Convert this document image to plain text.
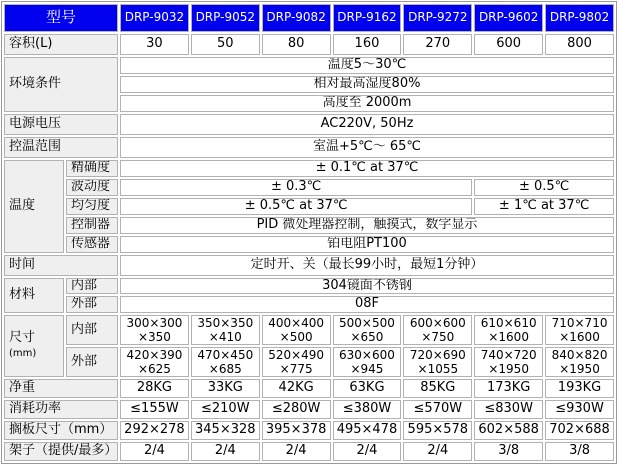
型号		DRP-9032	DRP-9052	DRP-9082	DRP-9162	DRP-9272	DRP-9602	DRP-9802
容积(L)		30	50	80	160	270	600	800
环境条件		温度5～30℃						
		相对最高湿度80%						
		高度至 2000m						
电源电压		AC220V, 50Hz						
控温范围		室温+5℃～ 65℃						
温度	精确度	± 0.1℃ at 37℃						
	波动度	± 0.3℃					± 0.5℃	
	均匀度	± 0.5℃ at 37℃					± 1℃ at 37℃	
	控制器	PID 微处理器控制，触摸式，数字显示						
	传感器	铂电阻PT100						
时间		定时开、关（最长99小时，最短1分钟）						
材料	内部	304镜面不锈钢						
	外部	08F						
尺寸
(mm)	内部	300×300×350	350×350×410	400×400×500	500×500×650	600×600×750	610×610×1600	710×710×1600
	外部	420×390×625	470×450×685	520×490×775	630×600×945	720×690×1055	740×720×1950	840×820×1950
净重		28KG	33KG	42KG	63KG	85KG	173KG	193KG
消耗功率		≤155W	≤210W	≤280W	≤380W	≤570W	≤830W	≤930W
搁板尺寸（mm）		292×278	345×328	395×378	495×478	595×578	602×588	702×688
架子（提供/最多）		2/4	2/4	2/4	2/4	2/4	3/8	3/8
